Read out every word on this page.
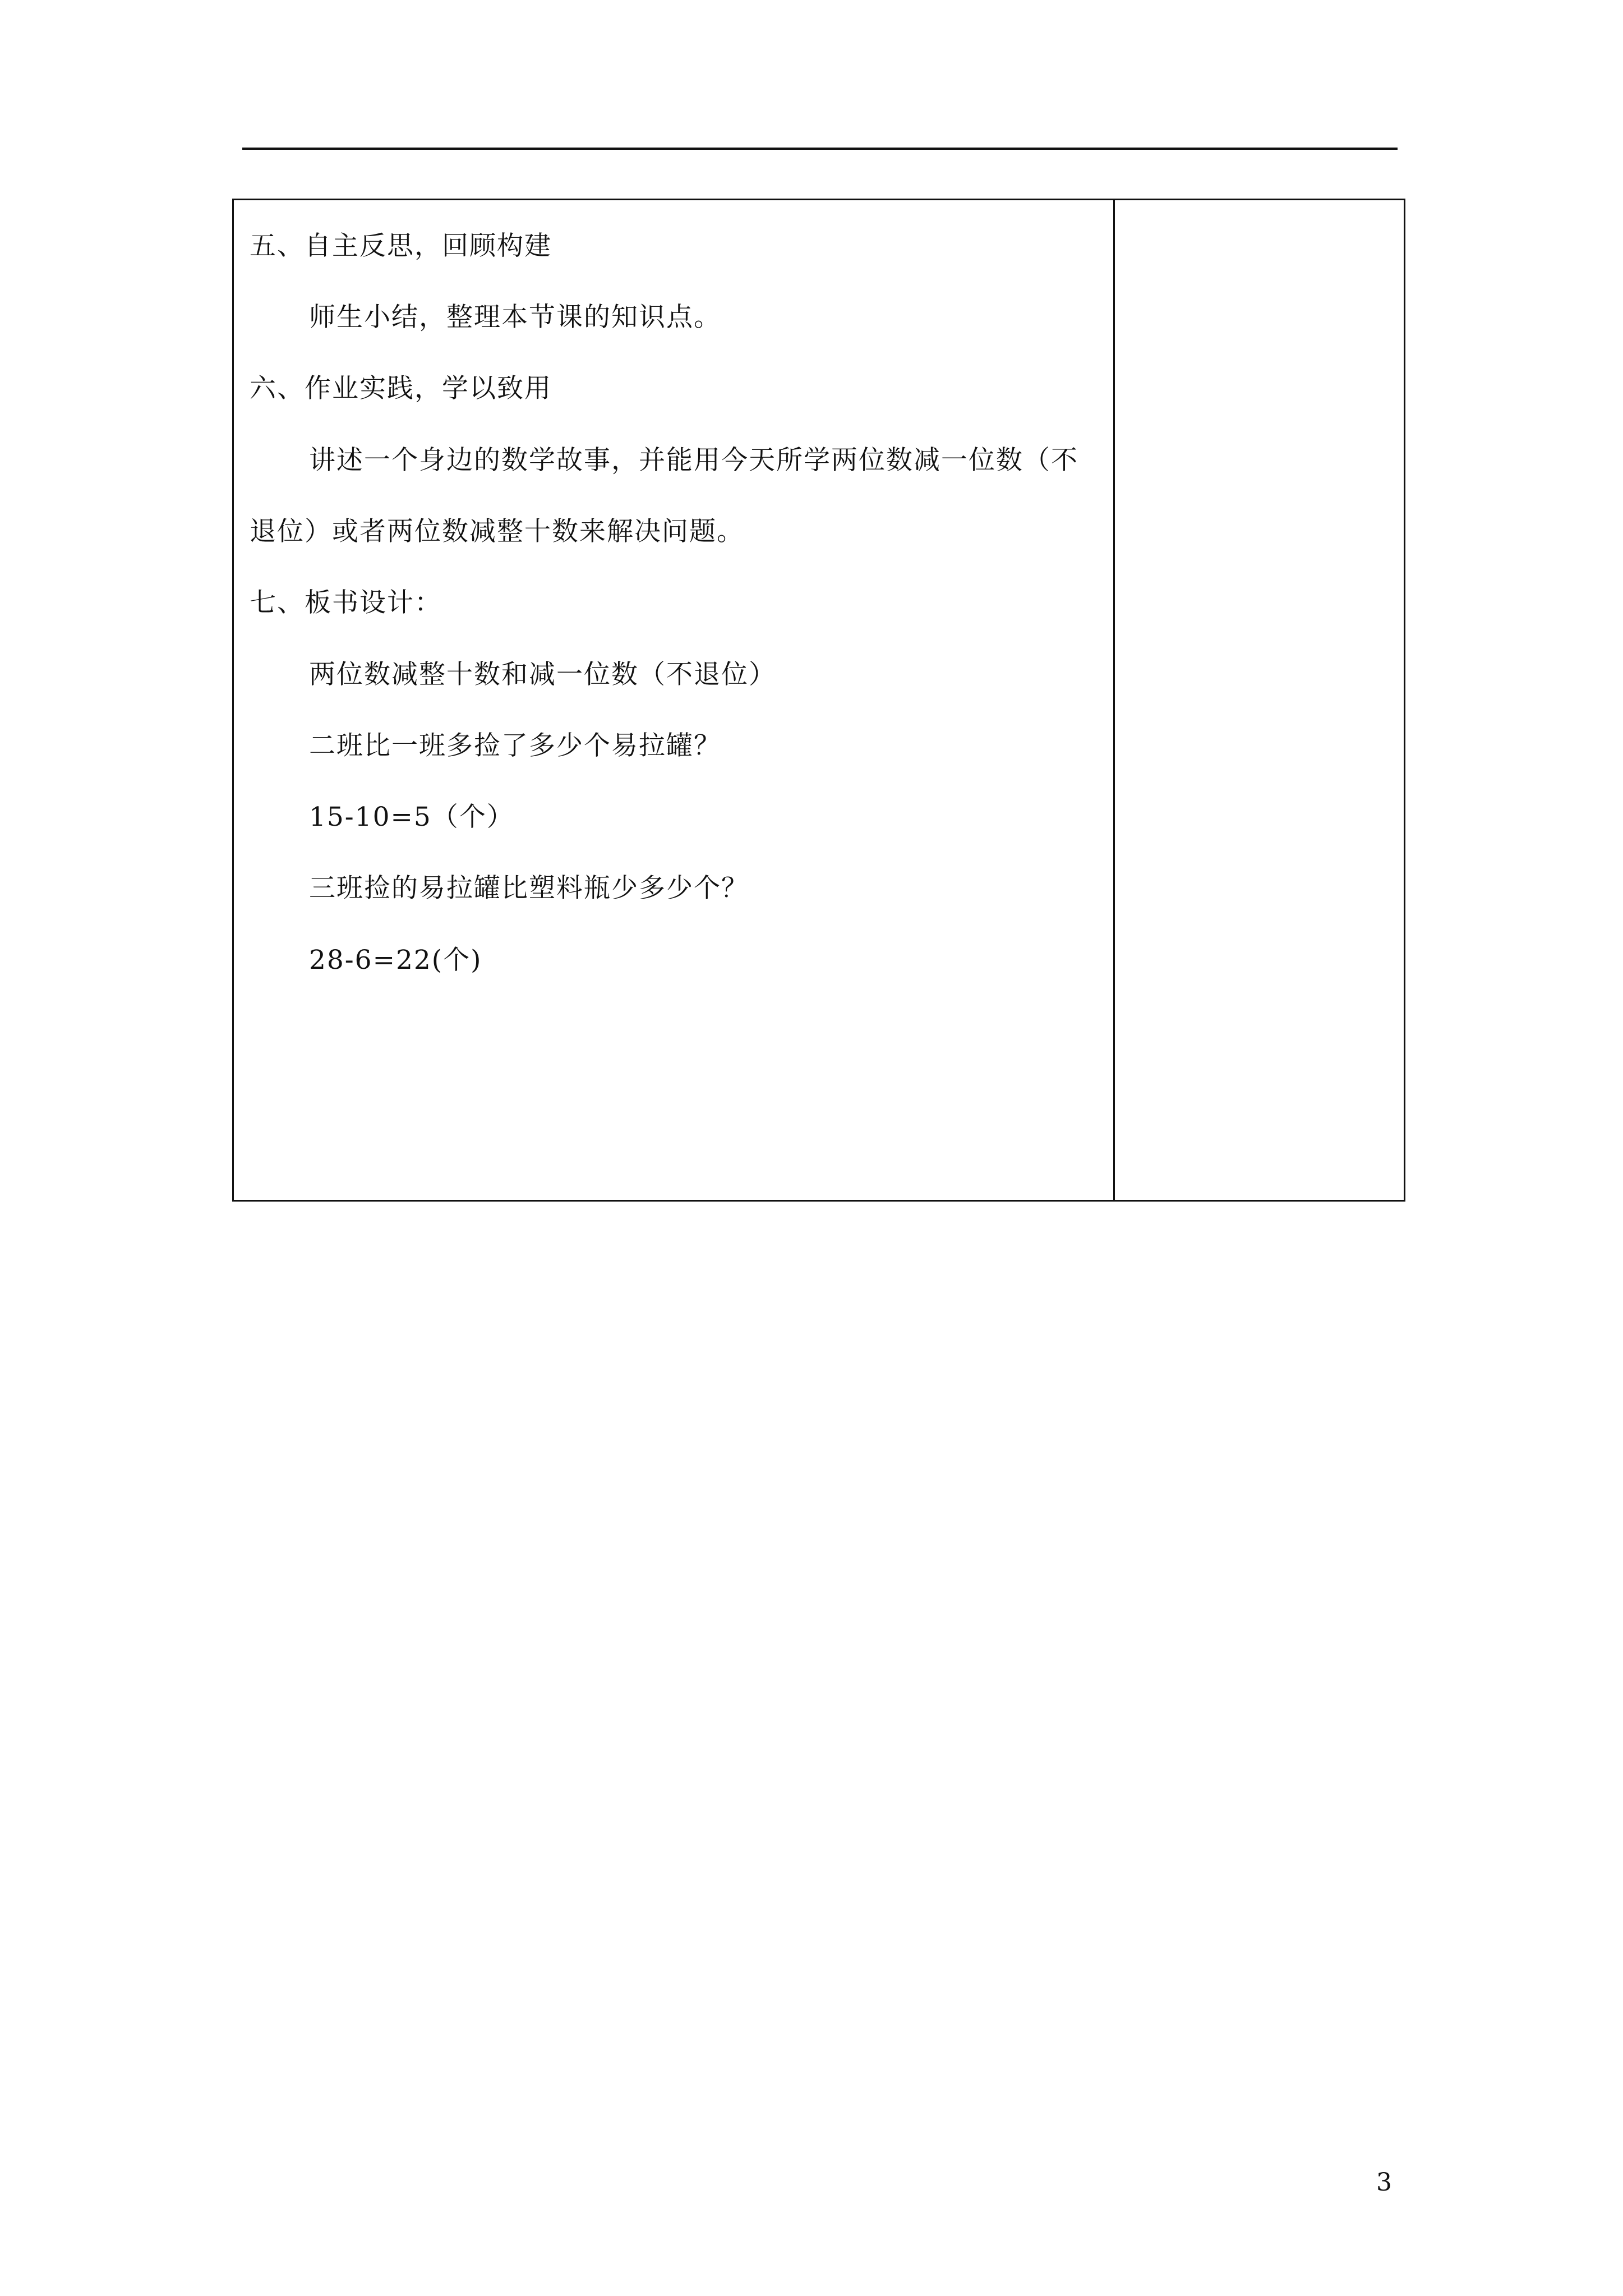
五、自主反思，回顾构建
师生小结，整理本节课的知识点。
六、作业实践，学以致用
讲述一个身边的数学故事，并能用今天所学两位数减一位数（不
退位）或者两位数减整十数来解决问题。
七、板书设计：
两位数减整十数和减一位数（不退位）
二班比一班多捡了多少个易拉罐？
15-10=5（个）
三班捡的易拉罐比塑料瓶少多少个？
28-6=22(个)
3
